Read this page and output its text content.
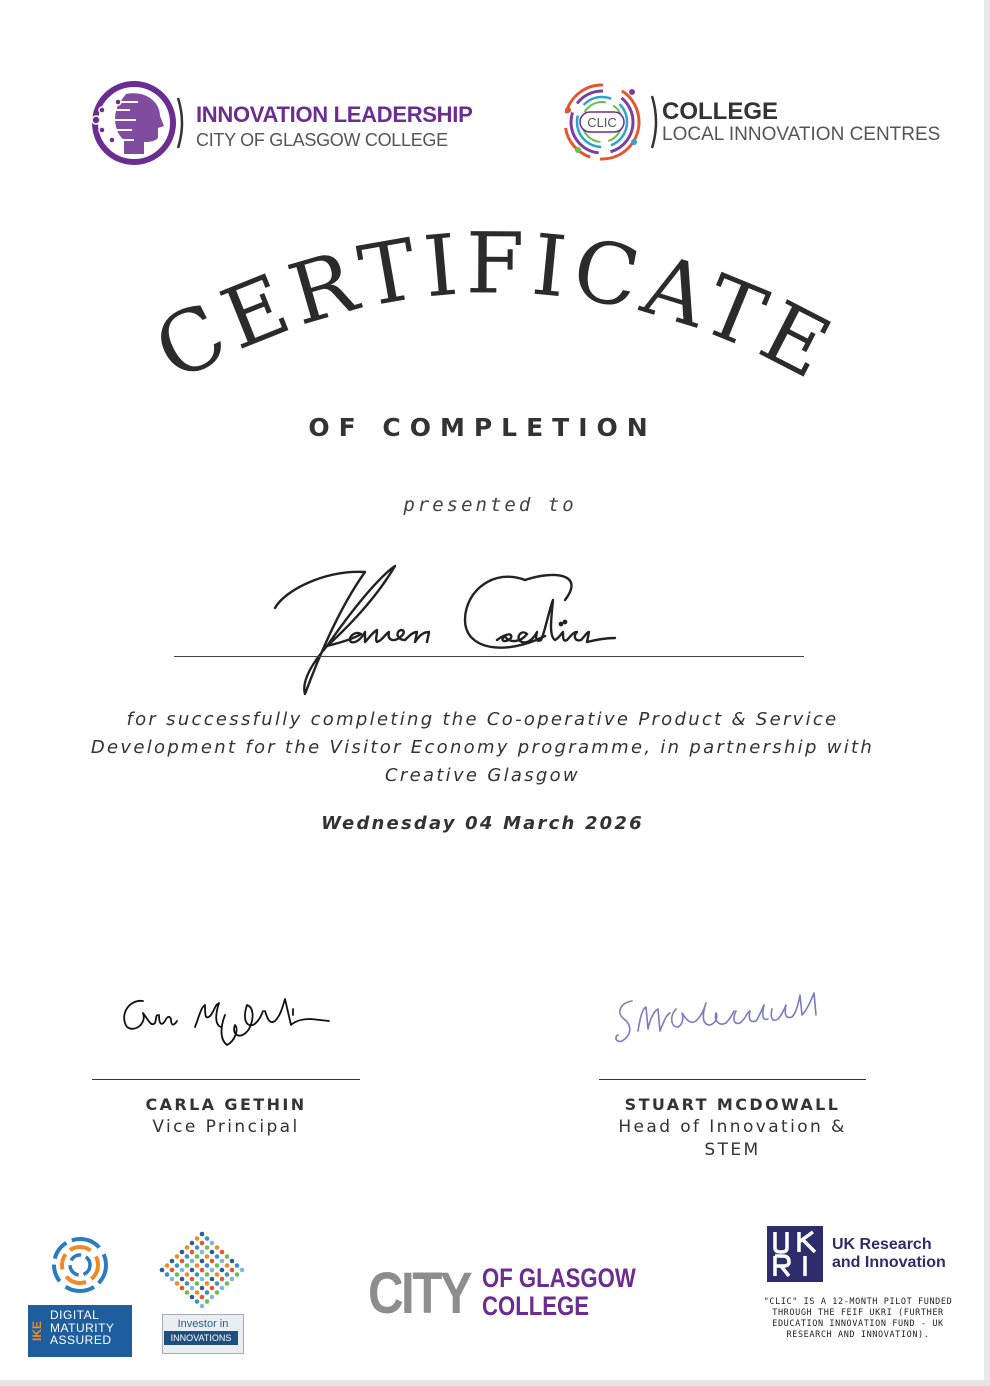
INNOVATION LEADERSHIP
CITY OF GLASGOW COLLEGE
CLIC COLLEGE
LOCAL INNOVATION CENTRES
CERTIFICATE
OF COMPLETION
presented to
for successfully completing the Co-operative Product & Service Development for the Visitor Economy programme, in partnership with Creative Glasgow
Wednesday 04 March 2026
CARLA GETHIN
Vice Principal
STUART MCDOWALL
Head of Innovation & STEM
IKE
DIGITAL MATURITY ASSURED
Investor in
INNOVATIONS
CITY OF GLASGOW
COLLEGE
UK Research
and Innovation
"CLIC" IS A 12-MONTH PILOT FUNDED THROUGH THE FEIF UKRI (FURTHER EDUCATION INNOVATION FUND - UK RESEARCH AND INNOVATION).
